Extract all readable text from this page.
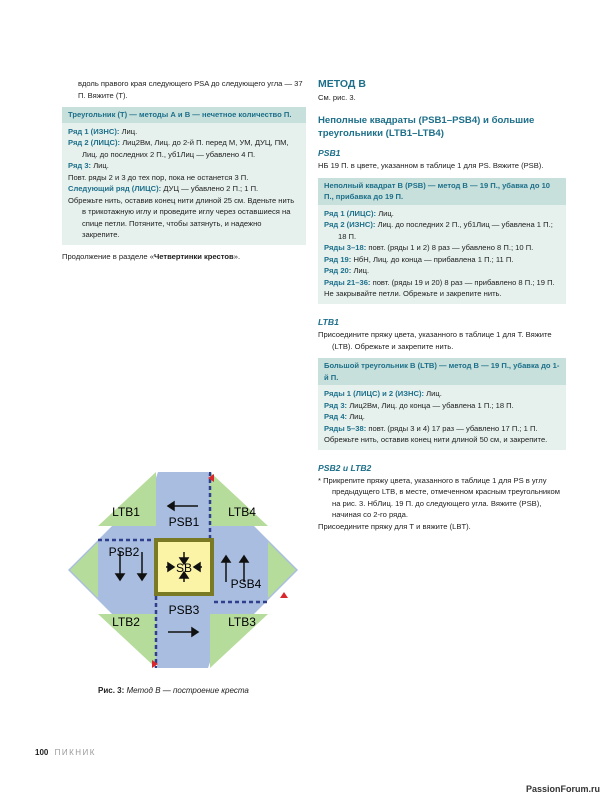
вдоль правого края следующего PSA до следующего угла — 37 П. Вяжите (Т).
Треугольник (Т) — методы А и В — нечетное количество П.
Ряд 1 (ИЗНС): Лиц.
Ряд 2 (ЛИЦС): Лиц2Вм, Лиц. до 2-й П. перед М, УМ, ДУЦ, ПМ, Лиц. до последних 2 П., уб1Лиц — убавлено 4 П.
Ряд 3: Лиц.
Повт. ряды 2 и 3 до тех пор, пока не останется 3 П.
Следующий ряд (ЛИЦС): ДУЦ — убавлено 2 П.; 1 П.
Обрежьте нить, оставив конец нити длиной 25 см. Вденьте нить в трикотажную иглу и проведите иглу через оставшиеся на спице петли. Потяните, чтобы затянуть, и надежно закрепите.
Продолжение в разделе «Четвертинки крестов».
LTB1
PSB1
LTB4
PSB2
SB
PSB4
LTB2
PSB3
LTB3
Рис. 3: Метод В — построение креста
МЕТОД В
См. рис. 3.
Неполные квадраты (PSB1–PSB4) и большие треугольники (LTB1–LTB4)
PSB1
НБ 19 П. в цвете, указанном в таблице 1 для PS. Вяжите (PSB).
Неполный квадрат В (PSB) — метод В — 19 П., убавка до 10 П., прибавка до 19 П.
Ряд 1 (ЛИЦС): Лиц.
Ряд 2 (ИЗНС): Лиц. до последних 2 П., уб1Лиц — убавлена 1 П.; 18 П.
Ряды 3–18: повт. (ряды 1 и 2) 8 раз — убавлено 8 П.; 10 П.
Ряд 19: НбН, Лиц. до конца — прибавлена 1 П.; 11 П.
Ряд 20: Лиц.
Ряды 21–36: повт. (ряды 19 и 20) 8 раз — прибавлено 8 П.; 19 П.
Не закрывайте петли. Обрежьте и закрепите нить.
LTB1
Присоедините пряжу цвета, указанного в таблице 1 для Т. Вяжите (LTB). Обрежьте и закрепите нить.
Большой треугольник В (LTB) — метод В — 19 П., убавка до 1-й П.
Ряды 1 (ЛИЦС) и 2 (ИЗНС): Лиц.
Ряд 3: Лиц2Вм, Лиц. до конца — убавлена 1 П.; 18 П.
Ряд 4: Лиц.
Ряды 5–38: повт. (ряды 3 и 4) 17 раз — убавлено 17 П.; 1 П.
Обрежьте нить, оставив конец нити длиной 50 см, и закрепите.
PSB2 и LTB2
* Прикрепите пряжу цвета, указанного в таблице 1 для PS в углу предыдущего LTB, в месте, отмеченном красным треугольником на рис. 3. НбЛиц. 19 П. до следующего угла. Вяжите (PSB), начиная со 2-го ряда.
Присоедините пряжу для Т и вяжите (LBT).
100 ПИКНИК
PassionForum.ru
